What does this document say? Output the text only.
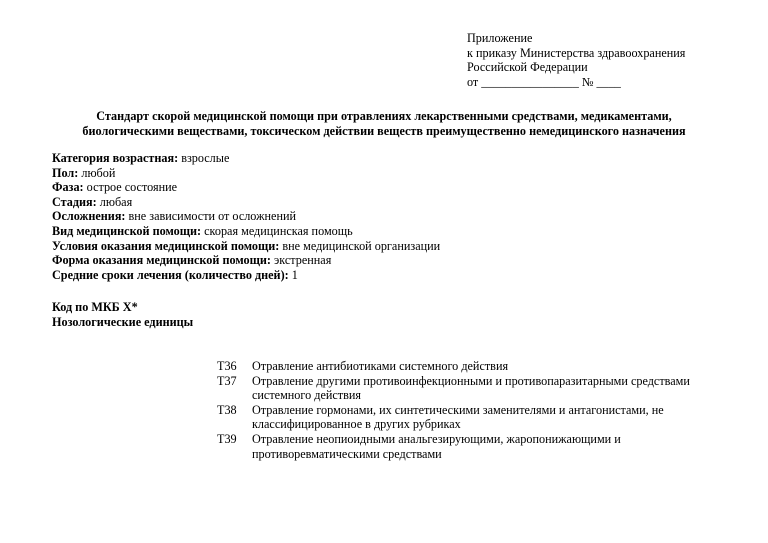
Приложение
к приказу Министерства здравоохранения
Российской Федерации
от ________________ № ____
Стандарт скорой медицинской помощи при отравлениях лекарственными средствами, медикаментами,
биологическими веществами, токсическом действии веществ преимущественно немедицинского назначения
Категория возрастная: взрослые
Пол: любой
Фаза: острое состояние
Стадия: любая
Осложнения: вне зависимости от осложнений
Вид медицинской помощи: скорая медицинская помощь
Условия оказания медицинской помощи: вне медицинской организации
Форма оказания медицинской помощи: экстренная
Средние сроки лечения (количество дней): 1
Код по МКБ X*
Нозологические единицы
T36	Отравление антибиотиками системного действия
T37	Отравление другими противоинфекционными и противопаразитарными средствами
системного действия
T38	Отравление гормонами, их синтетическими заменителями и антагонистами, не
классифицированное в других рубриках
T39	Отравление неопиоидными анальгезирующими, жаропонижающими и
противоревматическими средствами
